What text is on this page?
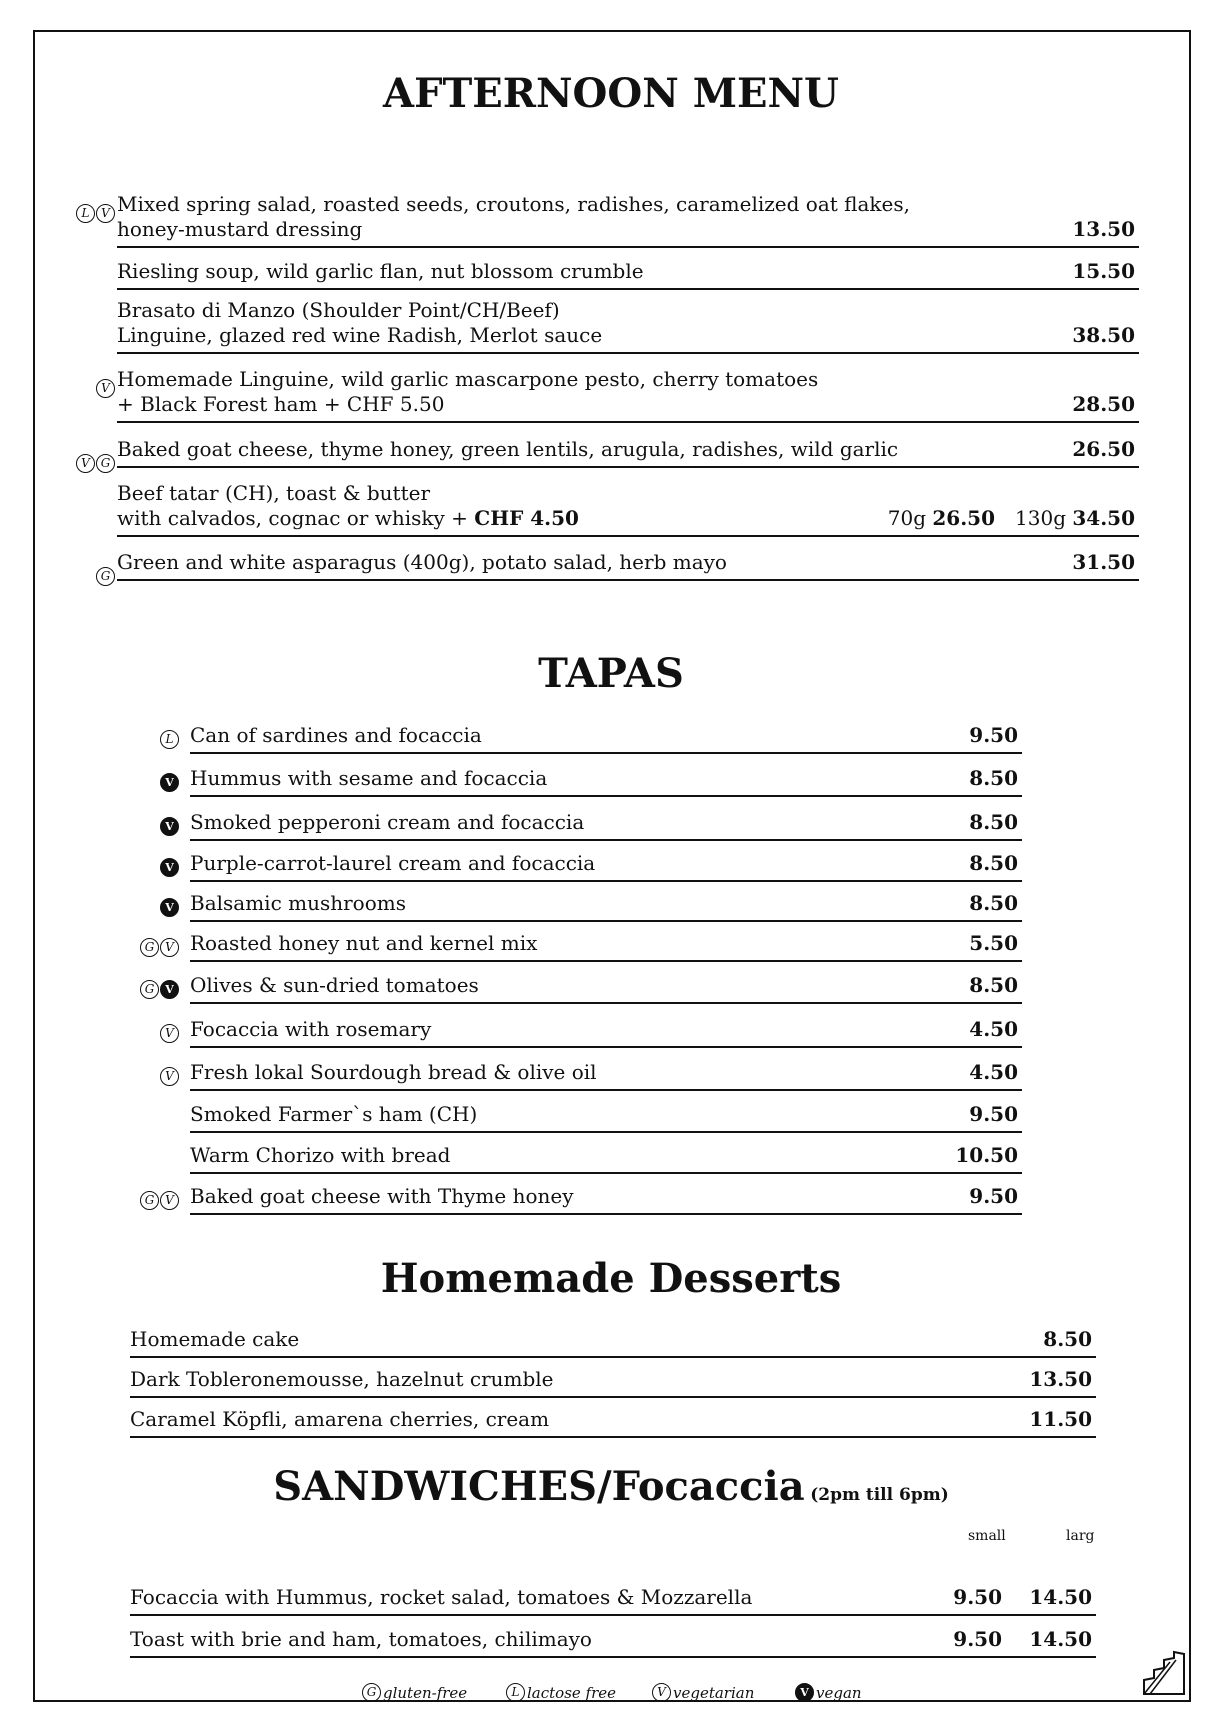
AFTERNOON MENU
Mixed spring salad, roasted seeds, croutons, radishes, caramelized oat flakes,
honey-mustard dressing	13.50
L V
Riesling soup, wild garlic flan, nut blossom crumble	15.50
Brasato di Manzo (Shoulder Point/CH/Beef)
Linguine, glazed red wine Radish, Merlot sauce	38.50
Homemade Linguine, wild garlic mascarpone pesto, cherry tomatoes
+ Black Forest ham + CHF 5.50	28.50
V
Baked goat cheese, thyme honey, green lentils, arugula, radishes, wild garlic	26.50
V G
Beef tatar (CH), toast & butter
with calvados, cognac or whisky + CHF 4.50	70g 26.50 130g 34.50
Green and white asparagus (400g), potato salad, herb mayo	31.50
G
TAPAS
Can of sardines and focaccia	9.50
L
Hummus with sesame and focaccia	8.50
V
Smoked pepperoni cream and focaccia	8.50
V
Purple-carrot-laurel cream and focaccia	8.50
V
Balsamic mushrooms	8.50
V
Roasted honey nut and kernel mix	5.50
G V
Olives & sun-dried tomatoes	8.50
G V
Focaccia with rosemary	4.50
V
Fresh lokal Sourdough bread & olive oil	4.50
V
Smoked Farmer`s ham (CH)	9.50
Warm Chorizo with bread	10.50
Baked goat cheese with Thyme honey	9.50
G V
Homemade Desserts
Homemade cake	8.50
Dark Tobleronemousse, hazelnut crumble	13.50
Caramel Köpfli, amarena cherries, cream	11.50
SANDWICHES/Focaccia (2pm till 6pm)
small	larg
Focaccia with Hummus, rocket salad, tomatoes & Mozzarella	9.50 14.50
Toast with brie and ham, tomatoes, chilimayo	9.50 14.50
G gluten-free	L lactose free	V vegetarian	V vegan
